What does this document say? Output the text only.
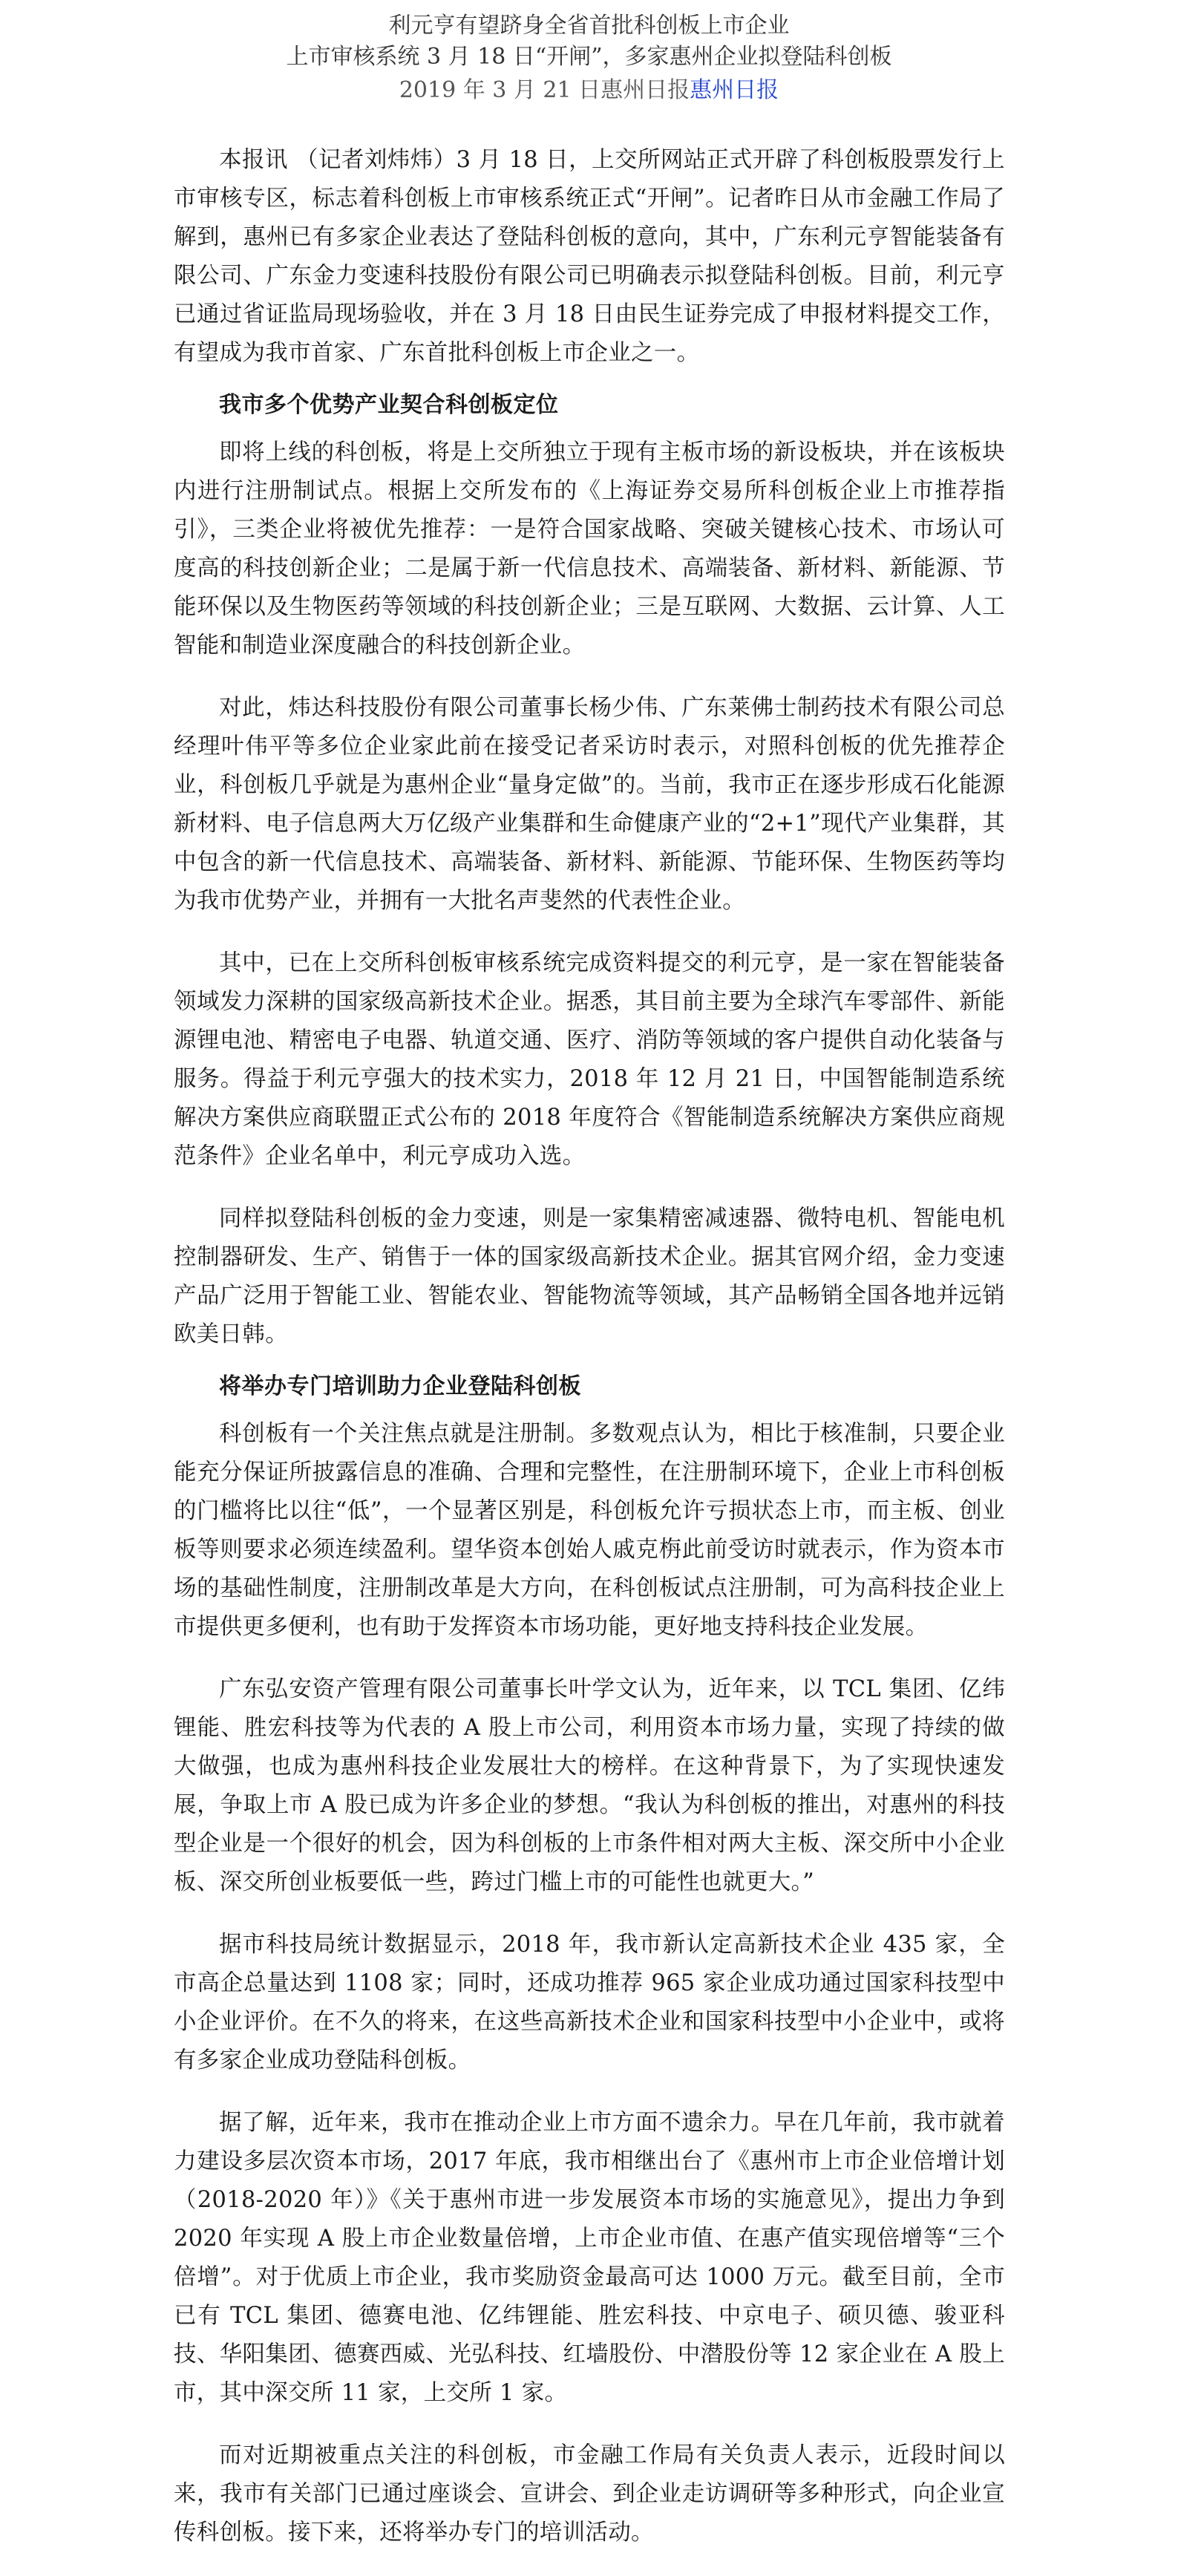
利元亨有望跻身全省首批科创板上市企业
上市审核系统 3 月 18 日“开闸”，多家惠州企业拟登陆科创板
2019 年 3 月 21 日惠州日报惠州日报

本报讯 （记者刘炜炜）3 月 18 日，上交所网站正式开辟了科创板股票发行上市审核专区，标志着科创板上市审核系统正式“开闸”。记者昨日从市金融工作局了解到，惠州已有多家企业表达了登陆科创板的意向，其中，广东利元亨智能装备有限公司、广东金力变速科技股份有限公司已明确表示拟登陆科创板。目前，利元亨已通过省证监局现场验收，并在 3 月 18 日由民生证券完成了申报材料提交工作，有望成为我市首家、广东首批科创板上市企业之一。

我市多个优势产业契合科创板定位

即将上线的科创板，将是上交所独立于现有主板市场的新设板块，并在该板块内进行注册制试点。根据上交所发布的《上海证券交易所科创板企业上市推荐指引》，三类企业将被优先推荐：一是符合国家战略、突破关键核心技术、市场认可度高的科技创新企业；二是属于新一代信息技术、高端装备、新材料、新能源、节能环保以及生物医药等领域的科技创新企业；三是互联网、大数据、云计算、人工智能和制造业深度融合的科技创新企业。

对此，炜达科技股份有限公司董事长杨少伟、广东莱佛士制药技术有限公司总经理叶伟平等多位企业家此前在接受记者采访时表示，对照科创板的优先推荐企业，科创板几乎就是为惠州企业“量身定做”的。当前，我市正在逐步形成石化能源新材料、电子信息两大万亿级产业集群和生命健康产业的“2+1”现代产业集群，其中包含的新一代信息技术、高端装备、新材料、新能源、节能环保、生物医药等均为我市优势产业，并拥有一大批名声斐然的代表性企业。

其中，已在上交所科创板审核系统完成资料提交的利元亨，是一家在智能装备领域发力深耕的国家级高新技术企业。据悉，其目前主要为全球汽车零部件、新能源锂电池、精密电子电器、轨道交通、医疗、消防等领域的客户提供自动化装备与服务。得益于利元亨强大的技术实力，2018 年 12 月 21 日，中国智能制造系统解决方案供应商联盟正式公布的 2018 年度符合《智能制造系统解决方案供应商规范条件》企业名单中，利元亨成功入选。

同样拟登陆科创板的金力变速，则是一家集精密减速器、微特电机、智能电机控制器研发、生产、销售于一体的国家级高新技术企业。据其官网介绍，金力变速产品广泛用于智能工业、智能农业、智能物流等领域，其产品畅销全国各地并远销欧美日韩。

将举办专门培训助力企业登陆科创板

科创板有一个关注焦点就是注册制。多数观点认为，相比于核准制，只要企业能充分保证所披露信息的准确、合理和完整性，在注册制环境下，企业上市科创板的门槛将比以往“低”，一个显著区别是，科创板允许亏损状态上市，而主板、创业板等则要求必须连续盈利。望华资本创始人戚克栴此前受访时就表示，作为资本市场的基础性制度，注册制改革是大方向，在科创板试点注册制，可为高科技企业上市提供更多便利，也有助于发挥资本市场功能，更好地支持科技企业发展。

广东弘安资产管理有限公司董事长叶学文认为，近年来，以 TCL 集团、亿纬锂能、胜宏科技等为代表的 A 股上市公司，利用资本市场力量，实现了持续的做大做强，也成为惠州科技企业发展壮大的榜样。在这种背景下，为了实现快速发展，争取上市 A 股已成为许多企业的梦想。“我认为科创板的推出，对惠州的科技型企业是一个很好的机会，因为科创板的上市条件相对两大主板、深交所中小企业板、深交所创业板要低一些，跨过门槛上市的可能性也就更大。”

据市科技局统计数据显示，2018 年，我市新认定高新技术企业 435 家，全市高企总量达到 1108 家；同时，还成功推荐 965 家企业成功通过国家科技型中小企业评价。在不久的将来，在这些高新技术企业和国家科技型中小企业中，或将有多家企业成功登陆科创板。

据了解，近年来，我市在推动企业上市方面不遗余力。早在几年前，我市就着力建设多层次资本市场，2017 年底，我市相继出台了《惠州市上市企业倍增计划（2018-2020 年）》《关于惠州市进一步发展资本市场的实施意见》，提出力争到 2020 年实现 A 股上市企业数量倍增，上市企业市值、在惠产值实现倍增等“三个倍增”。对于优质上市企业，我市奖励资金最高可达 1000 万元。截至目前，全市已有 TCL 集团、德赛电池、亿纬锂能、胜宏科技、中京电子、硕贝德、骏亚科技、华阳集团、德赛西威、光弘科技、红墙股份、中潜股份等 12 家企业在 A 股上市，其中深交所 11 家，上交所 1 家。

而对近期被重点关注的科创板，市金融工作局有关负责人表示，近段时间以来，我市有关部门已通过座谈会、宣讲会、到企业走访调研等多种形式，向企业宣传科创板。接下来，还将举办专门的培训活动。
